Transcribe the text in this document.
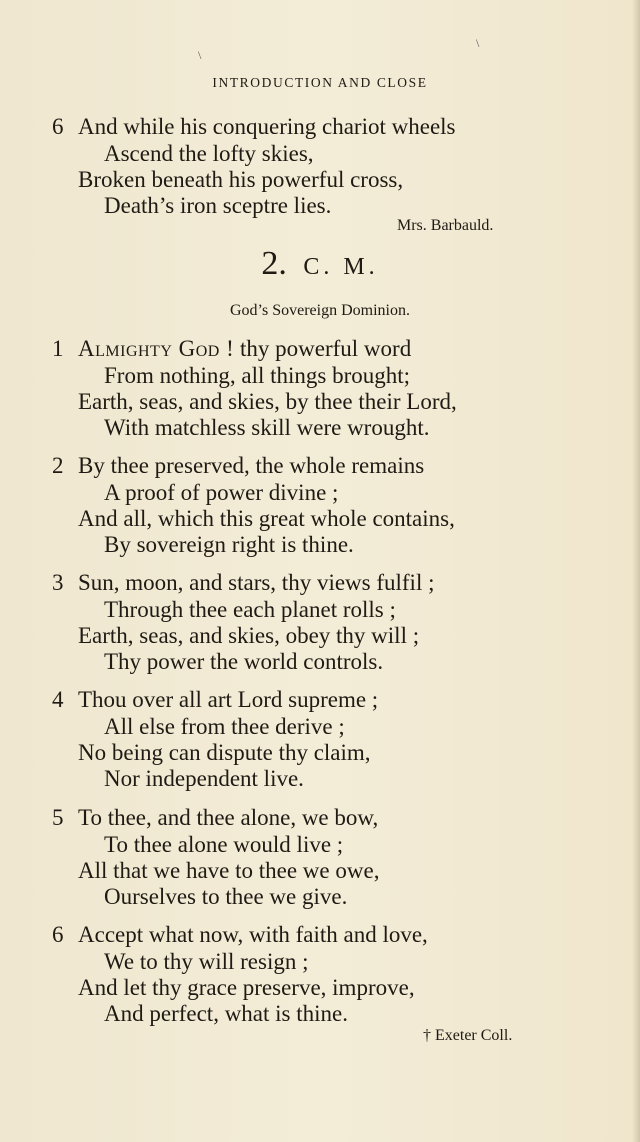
\
\
INTRODUCTION AND CLOSE
6 And while his conquering chariot wheels
Ascend the lofty skies,
Broken beneath his powerful cross,
Death’s iron sceptre lies.
Mrs. Barbauld.
2. C. M.
God’s Sovereign Dominion.
1 Almighty God ! thy powerful word
From nothing, all things brought;
Earth, seas, and skies, by thee their Lord,
With matchless skill were wrought.
2 By thee preserved, the whole remains
A proof of power divine ;
And all, which this great whole contains,
By sovereign right is thine.
3 Sun, moon, and stars, thy views fulfil ;
Through thee each planet rolls ;
Earth, seas, and skies, obey thy will ;
Thy power the world controls.
4 Thou over all art Lord supreme ;
All else from thee derive ;
No being can dispute thy claim,
Nor independent live.
5 To thee, and thee alone, we bow,
To thee alone would live ;
All that we have to thee we owe,
Ourselves to thee we give.
6 Accept what now, with faith and love,
We to thy will resign ;
And let thy grace preserve, improve,
And perfect, what is thine.
† Exeter Coll.
